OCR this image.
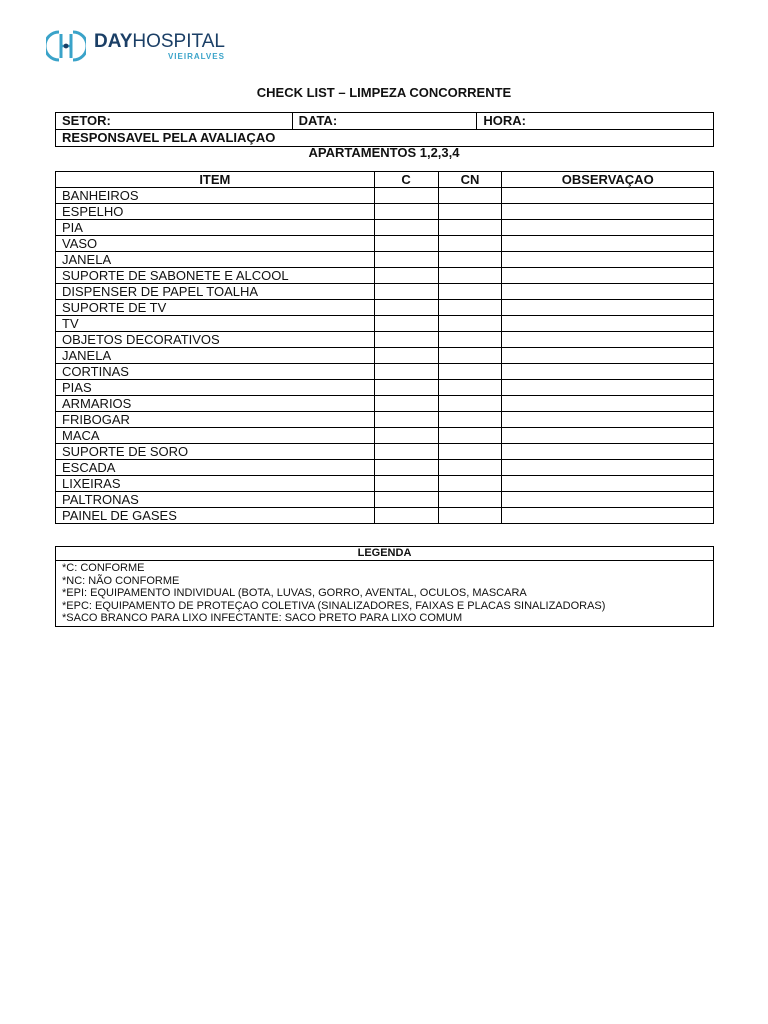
DAYHOSPITAL
VIEIRALVES
CHECK LIST – LIMPEZA CONCORRENTE
SETOR:	DATA:	HORA:
RESPONSAVEL PELA AVALIAÇAO
APARTAMENTOS 1,2,3,4
ITEM	C	CN	OBSERVAÇAO
BANHEIROS			
ESPELHO			
PIA			
VASO			
JANELA			
SUPORTE DE SABONETE E ALCOOL			
DISPENSER DE PAPEL TOALHA			
SUPORTE DE TV			
TV			
OBJETOS DECORATIVOS			
JANELA			
CORTINAS			
PIAS			
ARMARIOS			
FRIBOGAR			
MACA			
SUPORTE DE SORO			
ESCADA			
LIXEIRAS			
PALTRONAS			
PAINEL DE GASES			
LEGENDA

*C: CONFORME
*NC: NÃO CONFORME
*EPI: EQUIPAMENTO INDIVIDUAL (BOTA, LUVAS, GORRO, AVENTAL, OCULOS, MASCARA
*EPC: EQUIPAMENTO DE PROTEÇAO COLETIVA (SINALIZADORES, FAIXAS E PLACAS SINALIZADORAS)
*SACO BRANCO PARA LIXO INFECTANTE: SACO PRETO PARA LIXO COMUM
